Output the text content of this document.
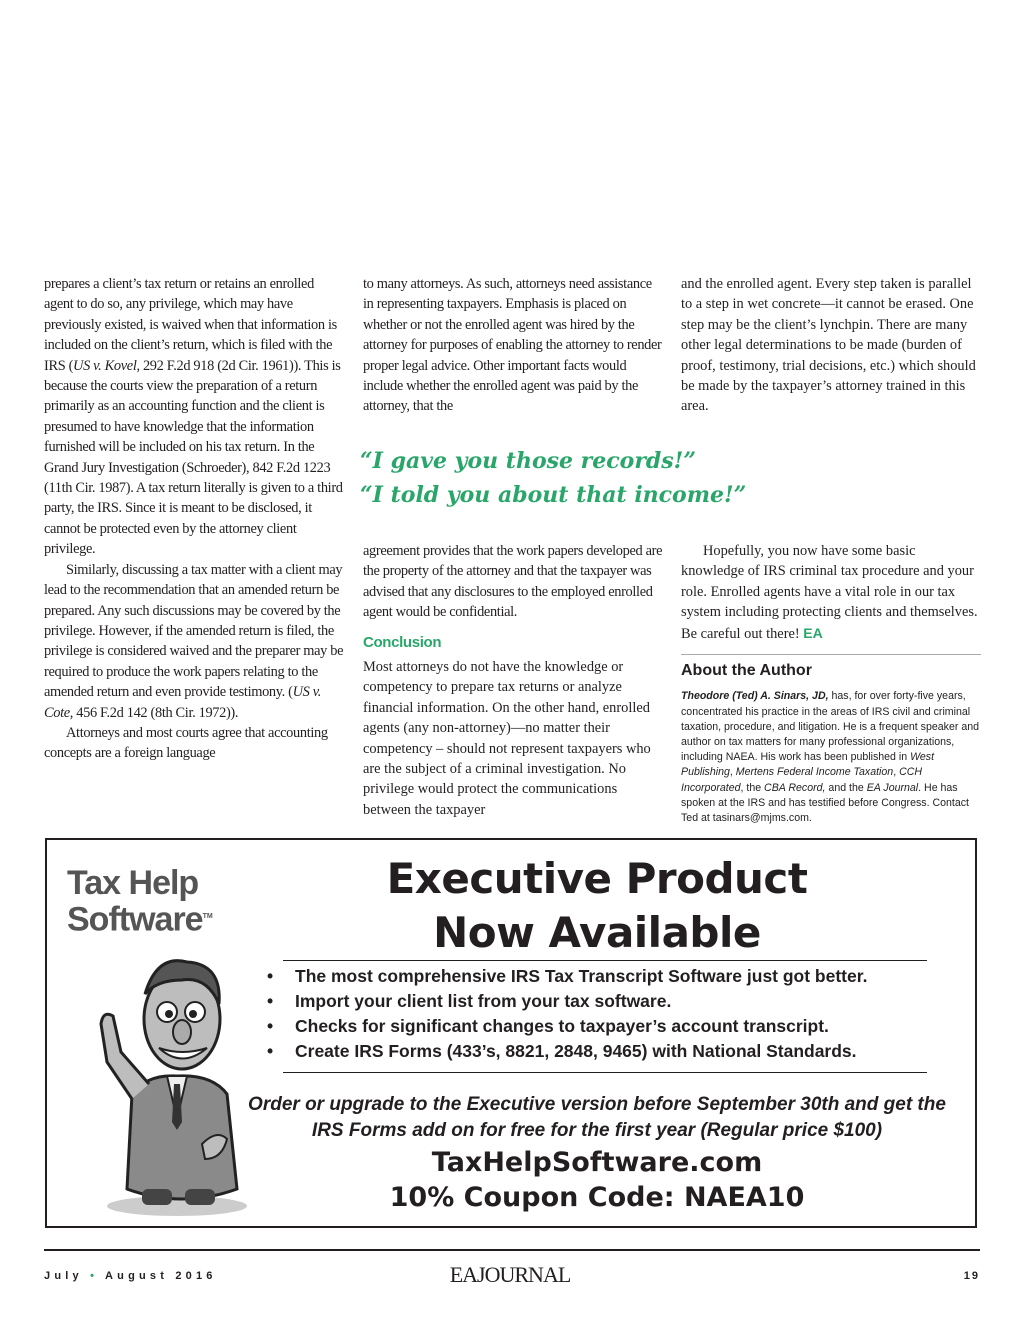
prepares a client’s tax return or retains an enrolled agent to do so, any privilege, which may have previously existed, is waived when that information is included on the client’s return, which is filed with the IRS (US v. Kovel, 292 F.2d 918 (2d Cir. 1961)). This is because the courts view the preparation of a return primarily as an accounting function and the client is presumed to have knowledge that the information furnished will be included on his tax return. In the Grand Jury Investigation (Schroeder), 842 F.2d 1223 (11th Cir. 1987). A tax return literally is given to a third party, the IRS. Since it is meant to be disclosed, it cannot be protected even by the attorney client privilege.

Similarly, discussing a tax matter with a client may lead to the recommendation that an amended return be prepared. Any such discussions may be covered by the privilege. However, if the amended return is filed, the privilege is considered waived and the preparer may be required to produce the work papers relating to the amended return and even provide testimony. (US v. Cote, 456 F.2d 142 (8th Cir. 1972)).

Attorneys and most courts agree that accounting concepts are a foreign language

to many attorneys. As such, attorneys need assistance in representing taxpayers. Emphasis is placed on whether or not the enrolled agent was hired by the attorney for purposes of enabling the attorney to render proper legal advice. Other important facts would include whether the enrolled agent was paid by the attorney, that the

and the enrolled agent. Every step taken is parallel to a step in wet concrete—it cannot be erased. One step may be the client’s lynchpin. There are many other legal determinations to be made (burden of proof, testimony, trial decisions, etc.) which should be made by the taxpayer’s attorney trained in this area.

“I gave you those records!”
“I told you about that income!”

agreement provides that the work papers developed are the property of the attorney and that the taxpayer was advised that any disclosures to the employed enrolled agent would be confidential.

Conclusion

Most attorneys do not have the knowledge or competency to prepare tax returns or analyze financial information. On the other hand, enrolled agents (any non-attorney)—no matter their competency – should not represent taxpayers who are the subject of a criminal investigation. No privilege would protect the communications between the taxpayer

Hopefully, you now have some basic knowledge of IRS criminal tax procedure and your role. Enrolled agents have a vital role in our tax system including protecting clients and themselves. Be careful out there! EA

About the Author
Theodore (Ted) A. Sinars, JD, has, for over forty-five years, concentrated his practice in the areas of IRS civil and criminal taxation, procedure, and litigation. He is a frequent speaker and author on tax matters for many professional organizations, including NAEA. His work has been published in West Publishing, Mertens Federal Income Taxation, CCH Incorporated, the CBA Record, and the EA Journal. He has spoken at the IRS and has testified before Congress. Contact Ted at tasinars@mjms.com.
Tax Help
Software™
Executive Product
Now Available
• The most comprehensive IRS Tax Transcript Software just got better.
• Import your client list from your tax software.
• Checks for significant changes to taxpayer’s account transcript.
• Create IRS Forms (433’s, 8821, 2848, 9465) with National Standards.
Order or upgrade to the Executive version before September 30th and get the IRS Forms add on for free for the first year (Regular price $100)
TaxHelpSoftware.com
10% Coupon Code: NAEA10
July • August 2016	EAJOURNAL	19
